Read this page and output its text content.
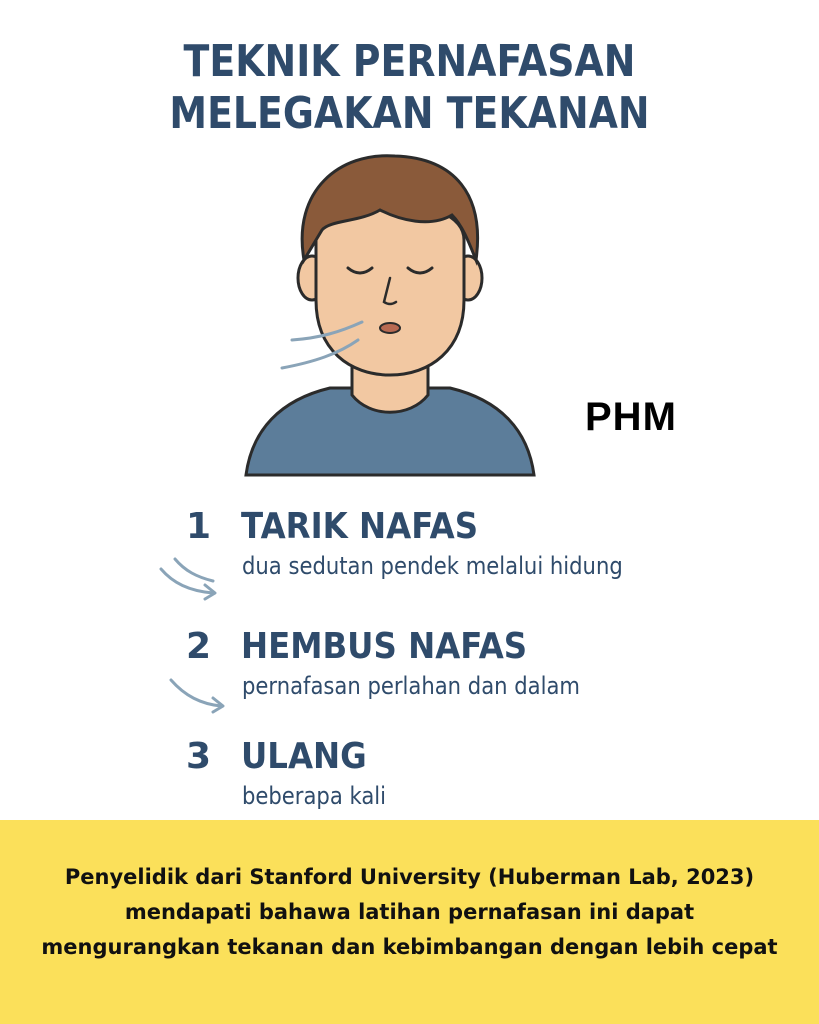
TEKNIK PERNAFASAN
MELEGAKAN TEKANAN
PHM
1 TARIK NAFAS
dua sedutan pendek melalui hidung
2 HEMBUS NAFAS
pernafasan perlahan dan dalam
3 ULANG
beberapa kali
Penyelidik dari Stanford University (Huberman Lab, 2023)
mendapati bahawa latihan pernafasan ini dapat
mengurangkan tekanan dan kebimbangan dengan lebih cepat
